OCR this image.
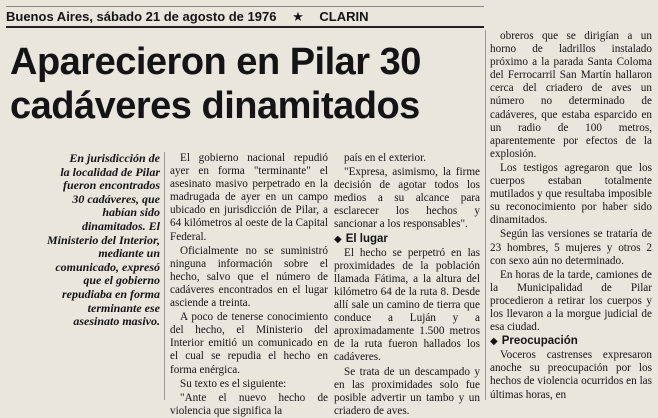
Buenos Aires, sábado 21 de agosto de 1976 ★ CLARIN
Aparecieron en Pilar 30
cadáveres dinamitados

En jurisdicción de

la localidad de Pilar

fueron encontrados

30 cadáveres, que

habían sido

dinamitados. El

Ministerio del Interior,

mediante un

comunicado, expresó

que el gobierno

repudiaba en forma

terminante ese

asesinato masivo.

El gobierno nacional repudió ayer en forma "terminante" el asesinato masivo perpetrado en la madrugada de ayer en un campo ubicado en jurisdicción de Pilar, a 64 kilómetros al oeste de la Capital Federal.

Oficialmente no se suministró ninguna información sobre el hecho, salvo que el número de cadáveres encontrados en el lugar asciende a treinta.

A poco de tenerse conocimiento del hecho, el Ministerio del Interior emitió un comunicado en el cual se repudia el hecho en forma enérgica.

Su texto es el siguiente:

"Ante el nuevo hecho de violencia que significa la

país en el exterior.

"Expresa, asimismo, la firme decisión de agotar todos los medios a su alcance para esclarecer los hechos y sancionar a los responsables".

◆ El lugar

El hecho se perpetró en las proximidades de la población llamada Fátima, a la altura del kilómetro 64 de la ruta 8. Desde allí sale un camino de tierra que conduce a Luján y a aproximadamente 1.500 metros de la ruta fueron hallados los cadáveres.

Se trata de un descampado y en las proximidades solo fue posible advertir un tambo y un criadero de aves.

obreros que se dirigían a un horno de ladrillos instalado próximo a la parada Santa Coloma del Ferrocarril San Martín hallaron cerca del criadero de aves un número no determinado de cadáveres, que estaba esparcido en un radio de 100 metros, aparentemente por efectos de la explosión.

Los testigos agregaron que los cuerpos estaban totalmente mutilados y que resultaba imposible su reconocimiento por haber sido dinamitados.

Según las versiones se trataría de 23 hombres, 5 mujeres y otros 2 con sexo aún no determinado.

En horas de la tarde, camiones de la Municipalidad de Pilar procedieron a retirar los cuerpos y los llevaron a la morgue judicial de esa ciudad.

◆ Preocupación

Voceros castrenses expresaron anoche su preocupación por los hechos de violencia ocurridos en las últimas horas, en
